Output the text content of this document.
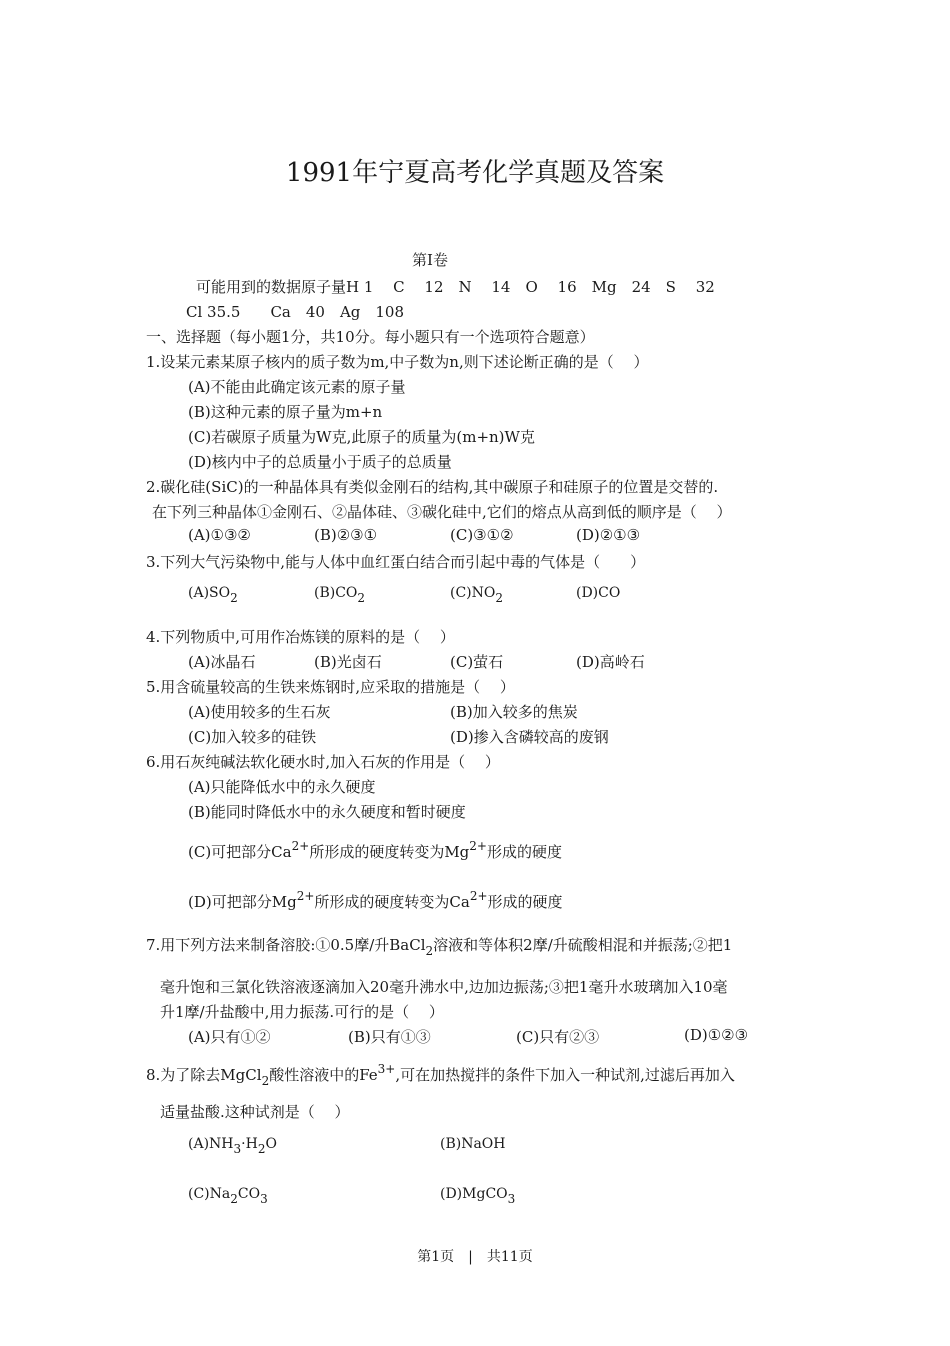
1991年宁夏高考化学真题及答案
第Ⅰ卷
可能用到的数据原子量H 1　 C　 12　N　 14　O　 16　Mg　24　S　 32
Cl 35.5　　Ca　40　Ag　108
一、选择题（每小题1分，共10分。每小题只有一个选项符合题意）
1.设某元素某原子核内的质子数为m,中子数为n,则下述论断正确的是（　 ）
(A)不能由此确定该元素的原子量
(B)这种元素的原子量为m+n
(C)若碳原子质量为W克,此原子的质量为(m+n)W克
(D)核内中子的总质量小于质子的总质量
2.碳化硅(SiC)的一种晶体具有类似金刚石的结构,其中碳原子和硅原子的位置是交替的.
在下列三种晶体①金刚石、②晶体硅、③碳化硅中,它们的熔点从高到低的顺序是（　 ）
(A)①③②	(B)②③①	(C)③①②	(D)②①③
3.下列大气污染物中,能与人体中血红蛋白结合而引起中毒的气体是（　　）
$(A)SO_2$	$(B)CO_2$	$(C)NO_2$	(D)CO
4.下列物质中,可用作冶炼镁的原料的是（　 ）
(A)冰晶石	(B)光卤石	(C)萤石	(D)高岭石
5.用含硫量较高的生铁来炼钢时,应采取的措施是（　 ）
(A)使用较多的生石灰	(B)加入较多的焦炭
(C)加入较多的硅铁	(D)掺入含磷较高的废钢
6.用石灰纯碱法软化硬水时,加入石灰的作用是（　 ）
(A)只能降低水中的永久硬度
(B)能同时降低水中的永久硬度和暂时硬度
(C)可把部分$Ca^{2+}$所形成的硬度转变为$Mg^{2+}$形成的硬度
(D)可把部分$Mg^{2+}$所形成的硬度转变为$Ca^{2+}$形成的硬度
7.用下列方法来制备溶胶:①0.5摩/升BaCl$_2$溶液和等体积2摩/升硫酸相混和并振荡;②把1
毫升饱和三氯化铁溶液逐滴加入20毫升沸水中,边加边振荡;③把1毫升水玻璃加入10毫
升1摩/升盐酸中,用力振荡.可行的是（　 ）
(A)只有①②	(B)只有①③	(C)只有②③	(D)①②③
8.为了除去MgCl$_2$酸性溶液中的$Fe^{3+}$,可在加热搅拌的条件下加入一种试剂,过滤后再加入
适量盐酸.这种试剂是（　 ）
$(A)NH_3\cdot H_2O$	(B)NaOH
$(C)Na_2CO_3$	(D)MgCO$_3$
第1页　|　共11页
